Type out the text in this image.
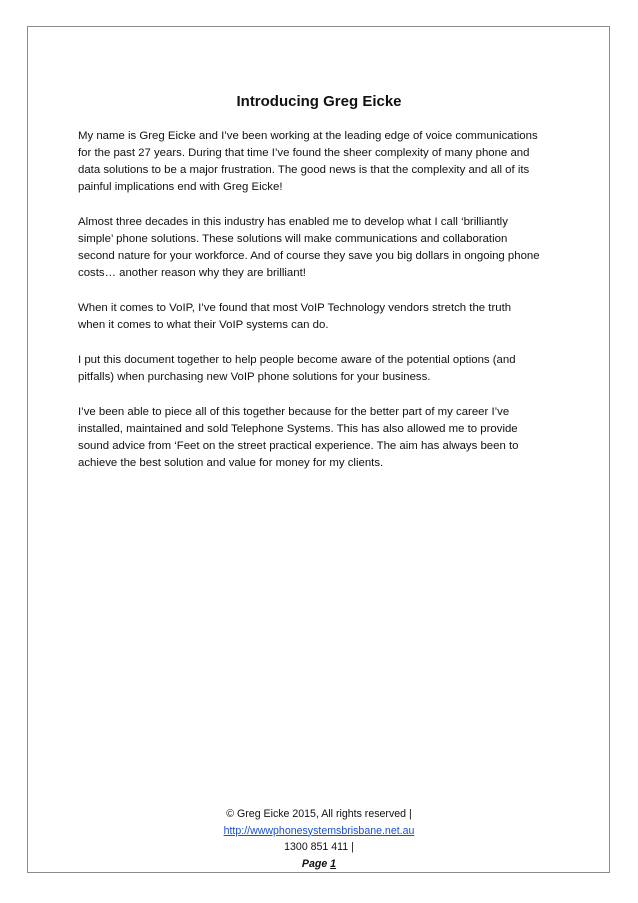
Introducing Greg Eicke

My name is Greg Eicke and I’ve been working at the leading edge of voice communications
for the past 27 years. During that time I’ve found the sheer complexity of many phone and
data solutions to be a major frustration. The good news is that the complexity and all of its
painful implications end with Greg Eicke!

Almost three decades in this industry has enabled me to develop what I call ‘brilliantly
simple’ phone solutions. These solutions will make communications and collaboration
second nature for your workforce. And of course they save you big dollars in ongoing phone
costs… another reason why they are brilliant!

When it comes to VoIP, I’ve found that most VoIP Technology vendors stretch the truth
when it comes to what their VoIP systems can do.

I put this document together to help people become aware of the potential options (and
pitfalls) when purchasing new VoIP phone solutions for your business.

I’ve been able to piece all of this together because for the better part of my career I’ve
installed, maintained and sold Telephone Systems. This has also allowed me to provide
sound advice from ‘Feet on the street practical experience. The aim has always been to
achieve the best solution and value for money for my clients.

© Greg Eicke 2015, All rights reserved |
http://wwwphonesystemsbrisbane.net.au
1300 851 411 |
Page 1
